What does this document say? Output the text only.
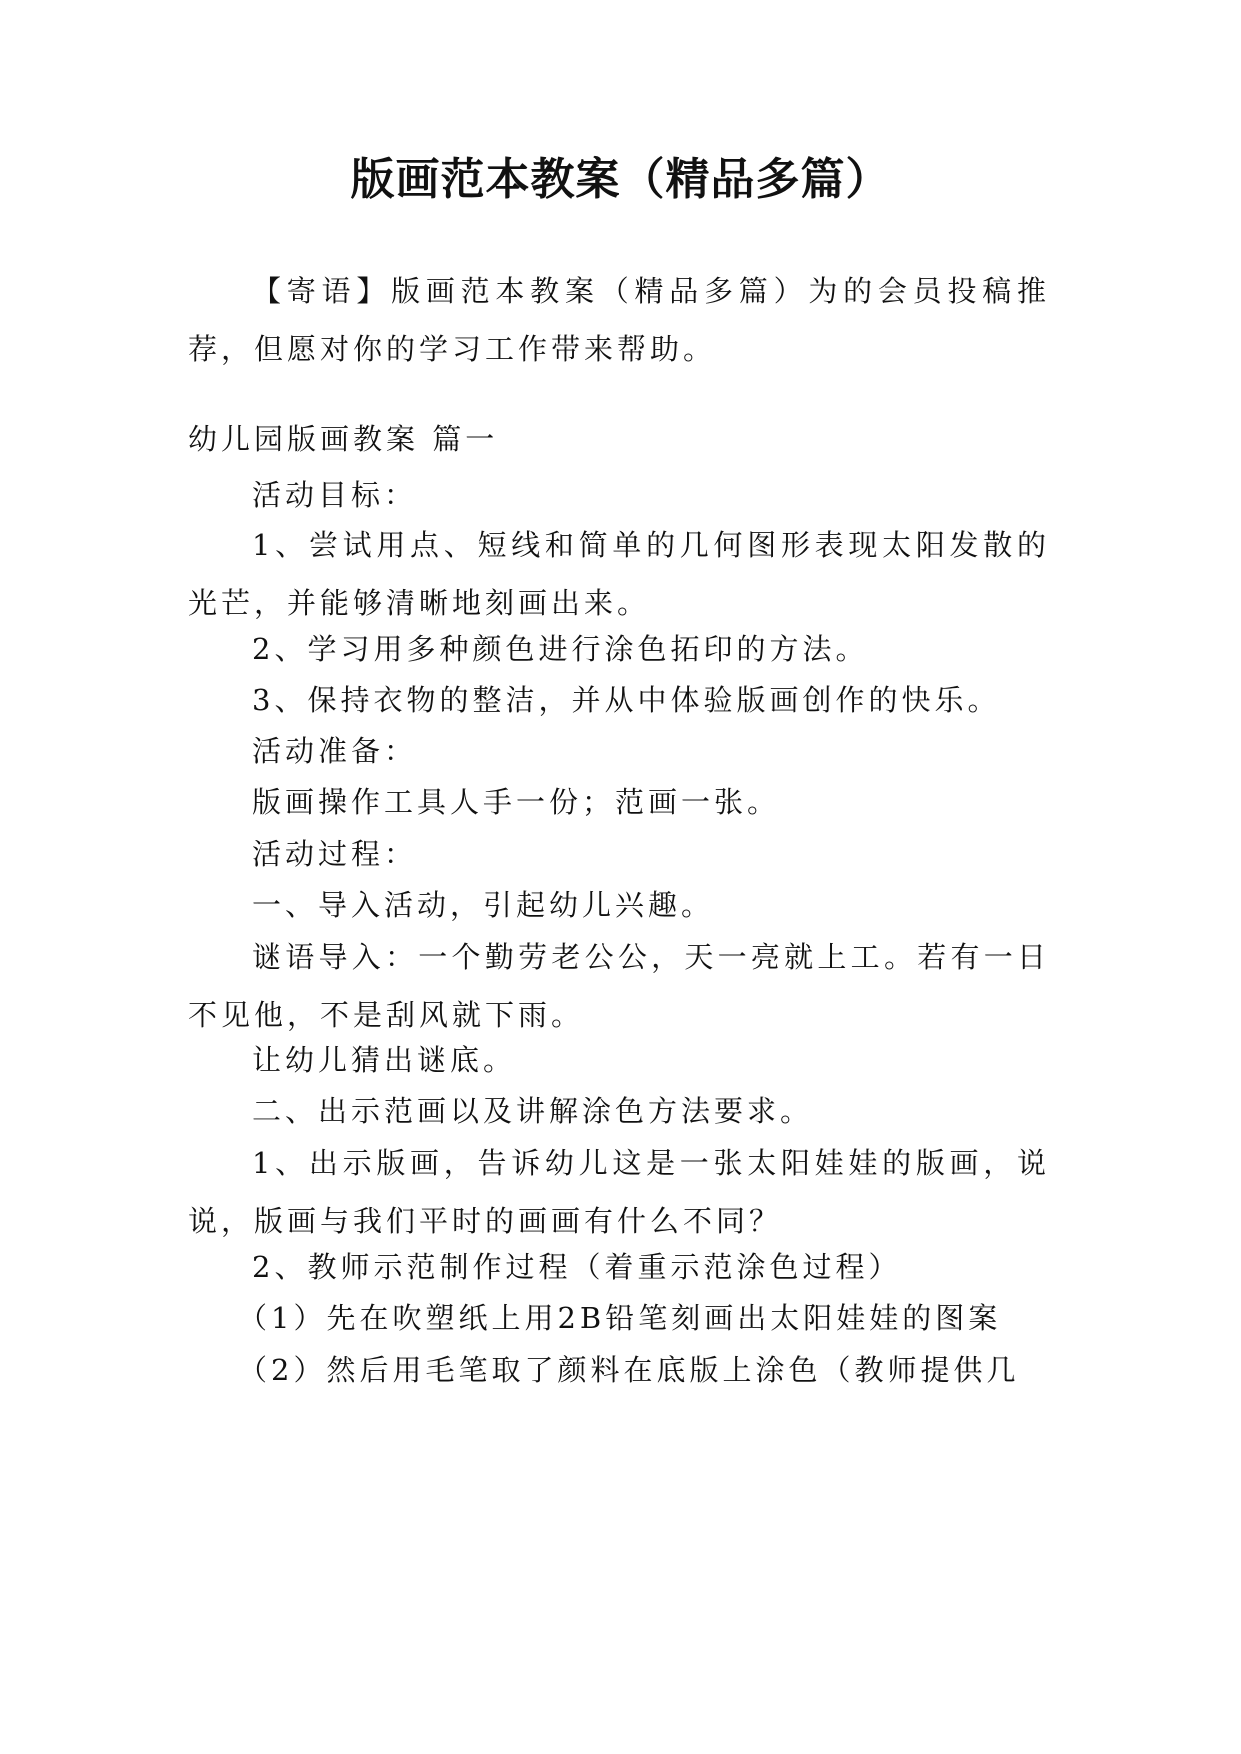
版画范本教案（精品多篇）

【寄语】版画范本教案（精品多篇）为的会员投稿推荐，但愿对你的学习工作带来帮助。

幼儿园版画教案 篇一

活动目标：

1、尝试用点、短线和简单的几何图形表现太阳发散的光芒，并能够清晰地刻画出来。

2、学习用多种颜色进行涂色拓印的方法。

3、保持衣物的整洁，并从中体验版画创作的快乐。

活动准备：

版画操作工具人手一份；范画一张。

活动过程：

一、导入活动，引起幼儿兴趣。

谜语导入：一个勤劳老公公，天一亮就上工。若有一日不见他，不是刮风就下雨。

让幼儿猜出谜底。

二、出示范画以及讲解涂色方法要求。

1、出示版画，告诉幼儿这是一张太阳娃娃的版画，说说，版画与我们平时的画画有什么不同？

2、教师示范制作过程（着重示范涂色过程）

（1）先在吹塑纸上用2B铅笔刻画出太阳娃娃的图案

（2）然后用毛笔取了颜料在底版上涂色（教师提供几
